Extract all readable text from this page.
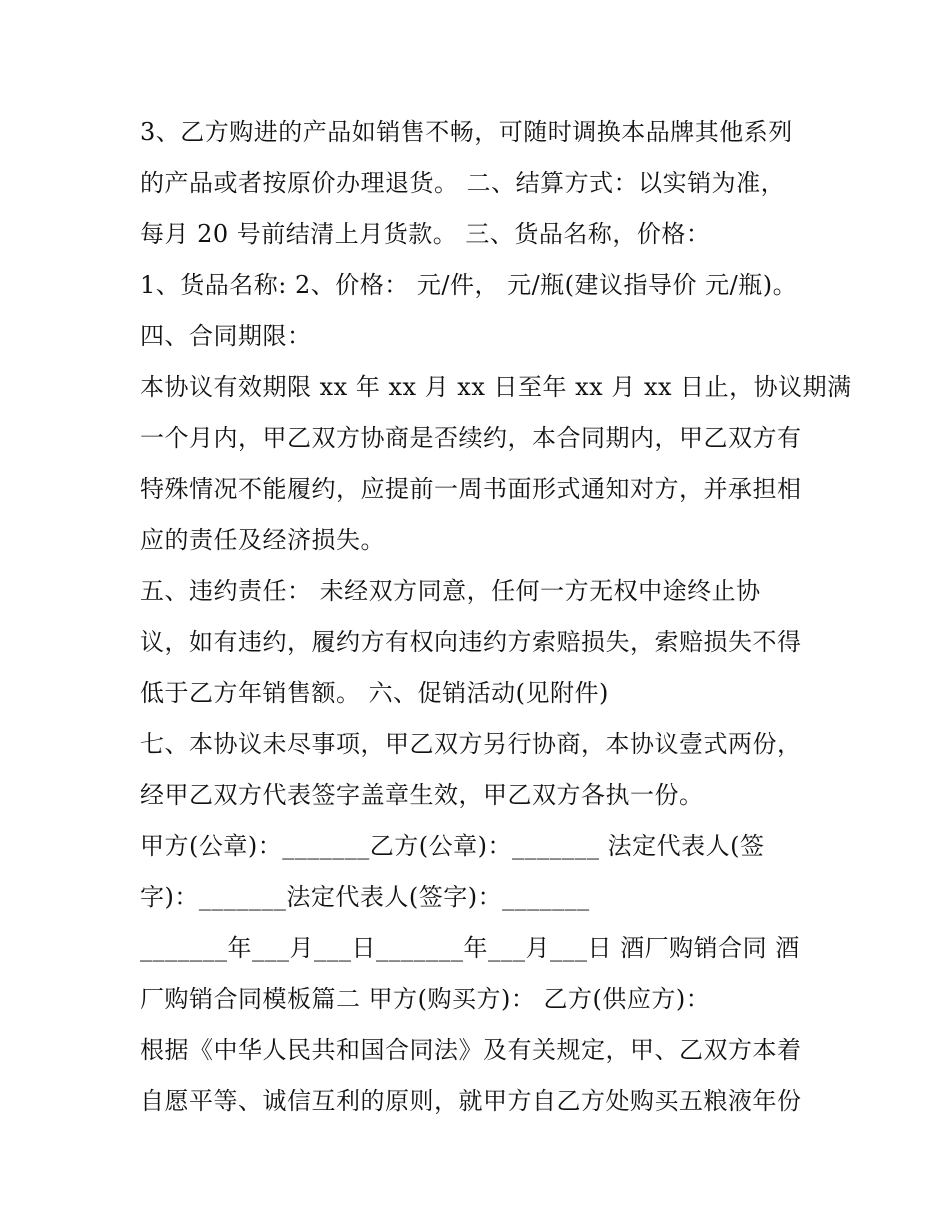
3、乙方购进的产品如销售不畅，可随时调换本品牌其他系列
的产品或者按原价办理退货。 二、结算方式：以实销为准，
每月 20 号前结清上月货款。 三、货品名称，价格：
1、货品名称: 2、价格： 元/件， 元/瓶(建议指导价 元/瓶)。
四、合同期限：
本协议有效期限 xx 年 xx 月 xx 日至年 xx 月 xx 日止，协议期满
一个月内，甲乙双方协商是否续约，本合同期内，甲乙双方有
特殊情况不能履约，应提前一周书面形式通知对方，并承担相
应的责任及经济损失。
五、违约责任： 未经双方同意，任何一方无权中途终止协
议，如有违约，履约方有权向违约方索赔损失，索赔损失不得
低于乙方年销售额。 六、促销活动(见附件)
七、本协议未尽事项，甲乙双方另行协商，本协议壹式两份，
经甲乙双方代表签字盖章生效，甲乙双方各执一份。
甲方(公章)：_______乙方(公章)：_______ 法定代表人(签
字)：_______法定代表人(签字)：_______
_______年___月___日_______年___月___日 酒厂购销合同 酒
厂购销合同模板篇二 甲方(购买方)： 乙方(供应方)：
根据《中华人民共和国合同法》及有关规定，甲、乙双方本着
自愿平等、诚信互利的原则，就甲方自乙方处购买五粮液年份
